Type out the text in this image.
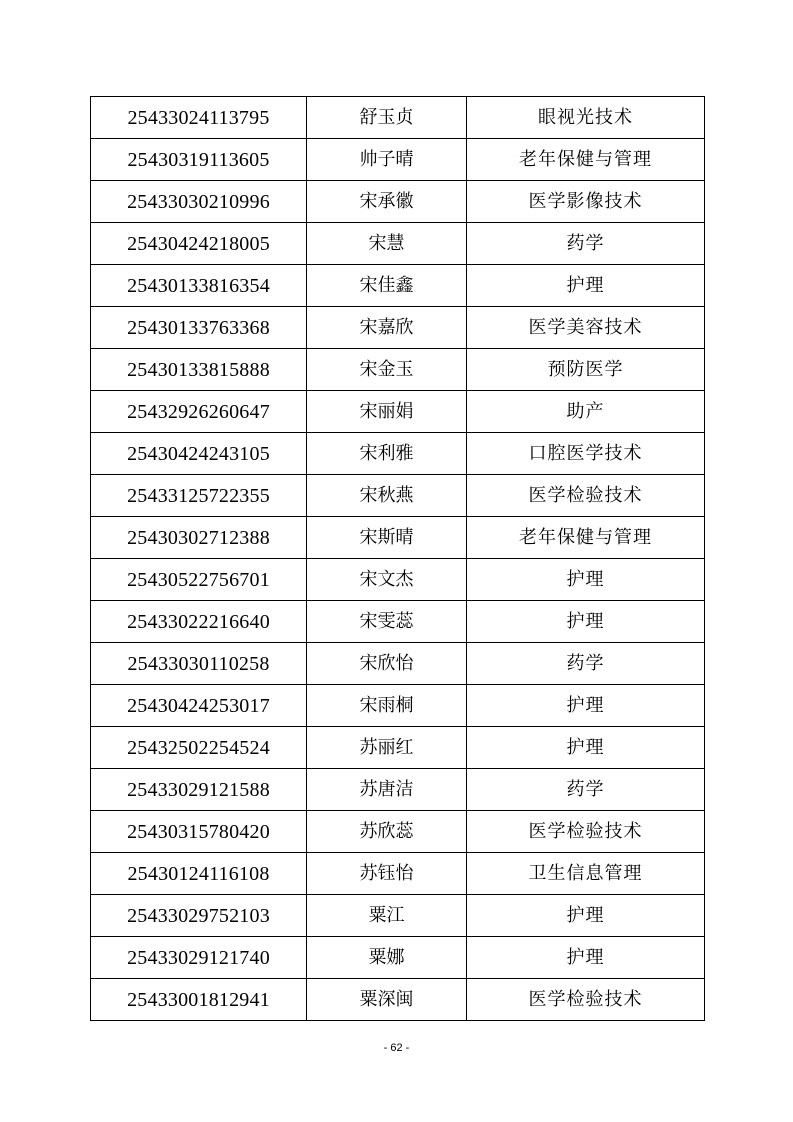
25433024113795	舒玉贞	眼视光技术
25430319113605	帅子晴	老年保健与管理
25433030210996	宋承徽	医学影像技术
25430424218005	宋慧	药学
25430133816354	宋佳鑫	护理
25430133763368	宋嘉欣	医学美容技术
25430133815888	宋金玉	预防医学
25432926260647	宋丽娟	助产
25430424243105	宋利雅	口腔医学技术
25433125722355	宋秋燕	医学检验技术
25430302712388	宋斯晴	老年保健与管理
25430522756701	宋文杰	护理
25433022216640	宋雯蕊	护理
25433030110258	宋欣怡	药学
25430424253017	宋雨桐	护理
25432502254524	苏丽红	护理
25433029121588	苏唐洁	药学
25430315780420	苏欣蕊	医学检验技术
25430124116108	苏钰怡	卫生信息管理
25433029752103	粟江	护理
25433029121740	粟娜	护理
25433001812941	粟深闽	医学检验技术
- 62 -
